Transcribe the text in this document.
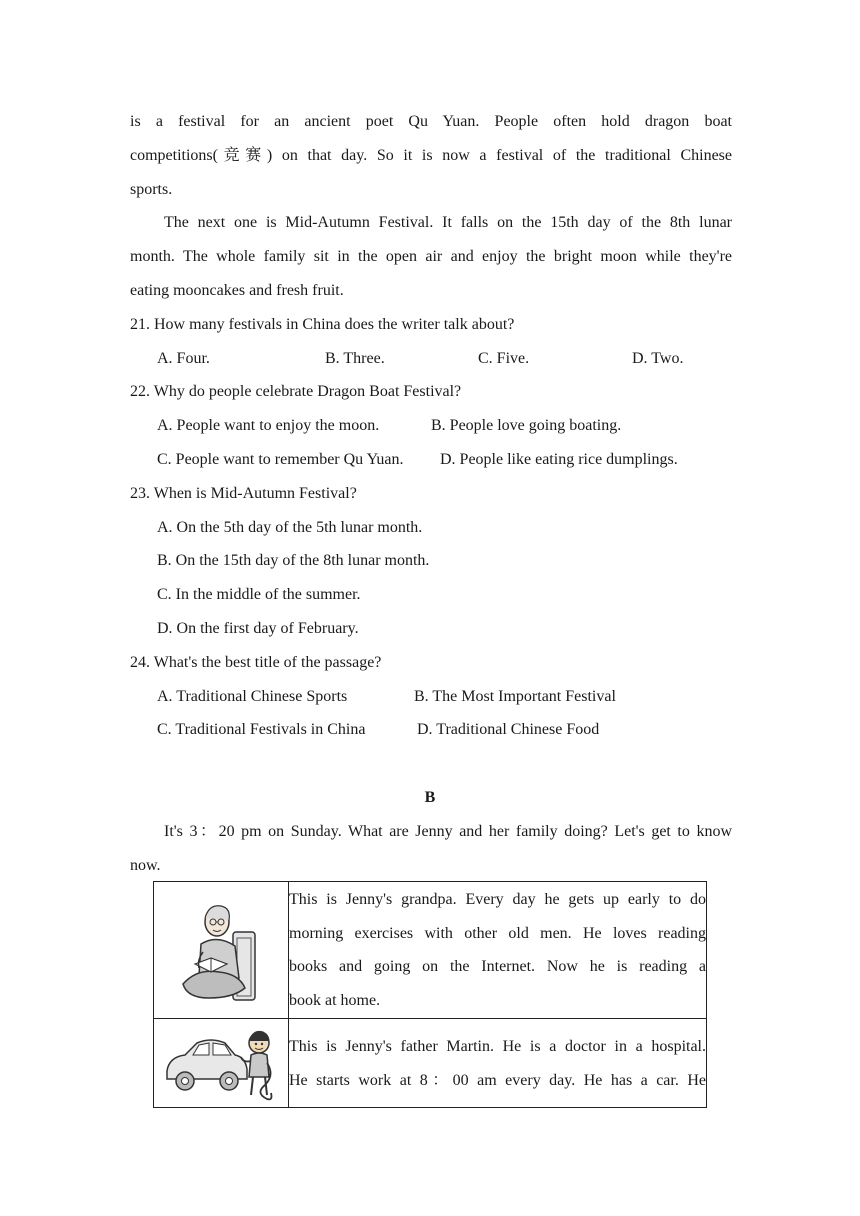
is a festival for an ancient poet Qu Yuan. People often hold dragon boat
competitions(竞赛) on that day. So it is now a festival of the traditional Chinese
sports.
The next one is Mid-Autumn Festival. It falls on the 15th day of the 8th lunar
month. The whole family sit in the open air and enjoy the bright moon while they're
eating mooncakes and fresh fruit.
21. How many festivals in China does the writer talk about?
A. Four.	B. Three.	C. Five.	D. Two.
22. Why do people celebrate Dragon Boat Festival?
A. People want to enjoy the moon.	B. People love going boating.
C. People want to remember Qu Yuan. D. People like eating rice dumplings.
23. When is Mid-Autumn Festival?
A. On the 5th day of the 5th lunar month.
B. On the 15th day of the 8th lunar month.
C. In the middle of the summer.
D. On the first day of February.
24. What's the best title of the passage?
A. Traditional Chinese Sports	B. The Most Important Festival
C. Traditional Festivals in China	D. Traditional Chinese Food
B
It's 3：20 pm on Sunday. What are Jenny and her family doing? Let's get to know
now.

This is Jenny's grandpa. Every day he gets up early to do
morning exercises with other old men. He loves reading
books and going on the Internet. Now he is reading a
book at home.

This is Jenny's father Martin. He is a doctor in a hospital.
He starts work at 8：00 am every day. He has a car. He
